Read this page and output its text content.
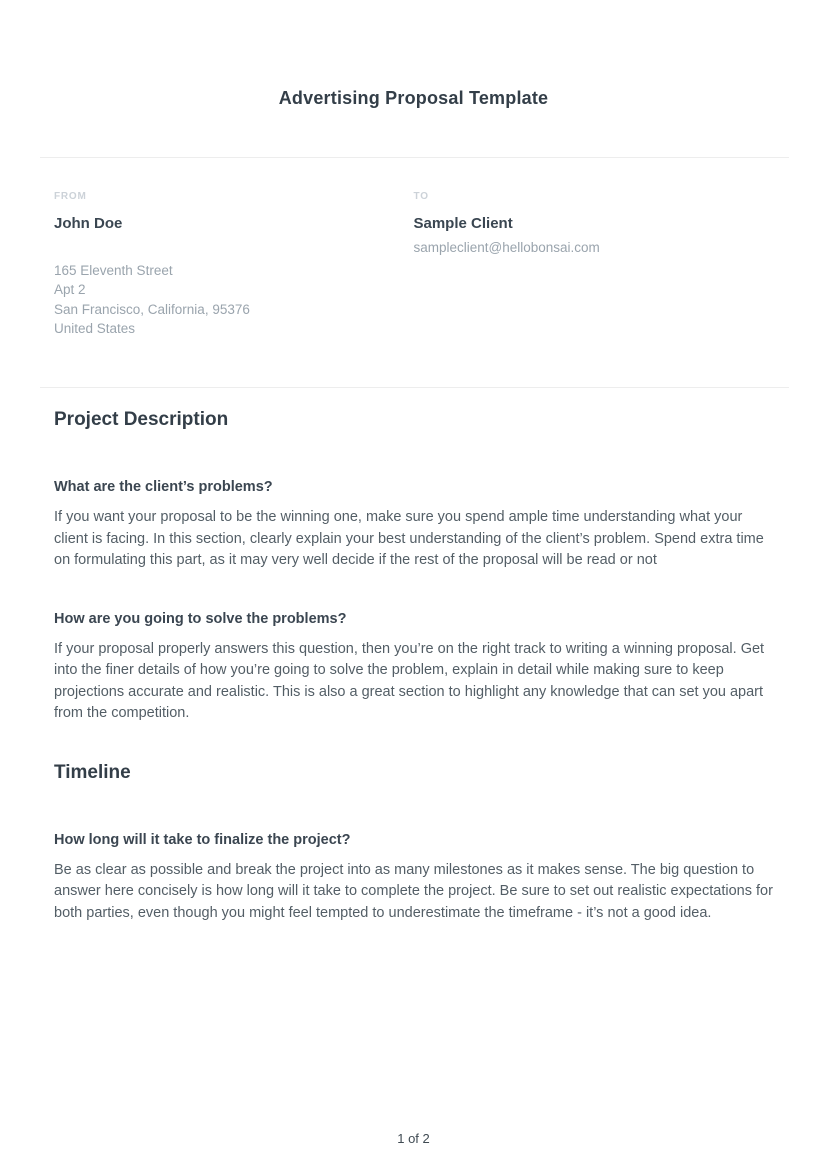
Advertising Proposal Template
FROM
John Doe
165 Eleventh Street
Apt 2
San Francisco, California, 95376
United States
TO
Sample Client
sampleclient@hellobonsai.com
Project Description
What are the client’s problems?

If you want your proposal to be the winning one, make sure you spend ample time understanding what your client is facing. In this section, clearly explain your best understanding of the client’s problem. Spend extra time on formulating this part, as it may very well decide if the rest of the proposal will be read or not

How are you going to solve the problems?

If your proposal properly answers this question, then you’re on the right track to writing a winning proposal. Get into the finer details of how you’re going to solve the problem, explain in detail while making sure to keep projections accurate and realistic. This is also a great section to highlight any knowledge that can set you apart from the competition.

Timeline
How long will it take to finalize the project?

Be as clear as possible and break the project into as many milestones as it makes sense. The big question to answer here concisely is how long will it take to complete the project. Be sure to set out realistic expectations for both parties, even though you might feel tempted to underestimate the timeframe - it’s not a good idea.

1 of 2
